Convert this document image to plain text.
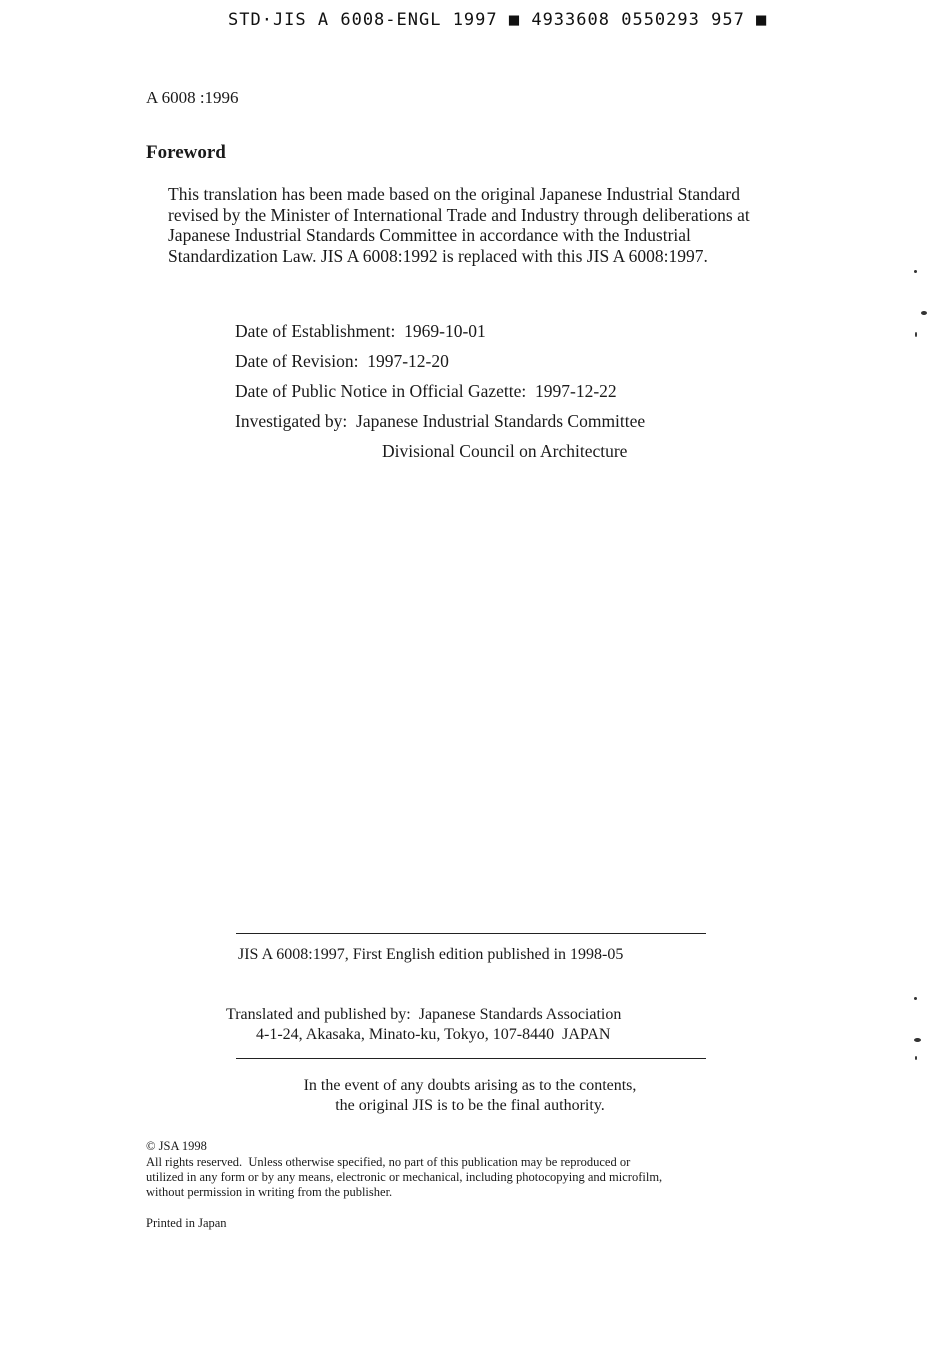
STD·JIS A 6008-ENGL 1997 ■ 4933608 0550293 957 ■
A 6008 :1996
Foreword

This translation has been made based on the original Japanese Industrial Standard revised by the Minister of International Trade and Industry through deliberations at Japanese Industrial Standards Committee in accordance with the Industrial Standardization Law. JIS A 6008:1992 is replaced with this JIS A 6008:1997.

Date of Establishment:  1969-10-01
Date of Revision:  1997-12-20
Date of Public Notice in Official Gazette:  1997-12-22
Investigated by:  Japanese Industrial Standards Committee
Divisional Council on Architecture
JIS A 6008:1997, First English edition published in 1998-05
Translated and published by:  Japanese Standards Association
4-1-24, Akasaka, Minato-ku, Tokyo, 107-8440  JAPAN
In the event of any doubts arising as to the contents,
the original JIS is to be the final authority.
© JSA 1998
All rights reserved.  Unless otherwise specified, no part of this publication may be reproduced or
utilized in any form or by any means, electronic or mechanical, including photocopying and microfilm,
without permission in writing from the publisher.
Printed in Japan
